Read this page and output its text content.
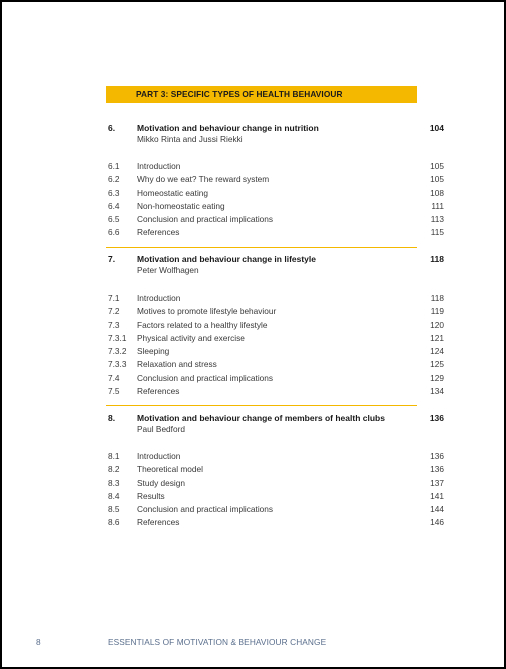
PART 3: SPECIFIC TYPES OF HEALTH BEHAVIOUR
6.	Motivation and behaviour change in nutrition	104
Mikko Rinta and Jussi Riekki
6.1 Introduction	105
6.2 Why do we eat? The reward system	105
6.3 Homeostatic eating	108
6.4 Non-homeostatic eating	111
6.5 Conclusion and practical implications	113
6.6 References	115
7.	Motivation and behaviour change in lifestyle	118
Peter Wolfhagen
7.1 Introduction	118
7.2 Motives to promote lifestyle behaviour	119
7.3 Factors related to a healthy lifestyle	120
7.3.1 Physical activity and exercise	121
7.3.2 Sleeping	124
7.3.3 Relaxation and stress	125
7.4 Conclusion and practical implications	129
7.5 References	134
8.	Motivation and behaviour change of members of health clubs	136
Paul Bedford
8.1 Introduction	136
8.2 Theoretical model	136
8.3 Study design	137
8.4 Results	141
8.5 Conclusion and practical implications	144
8.6 References	146
8	ESSENTIALS OF MOTIVATION & BEHAVIOUR CHANGE
